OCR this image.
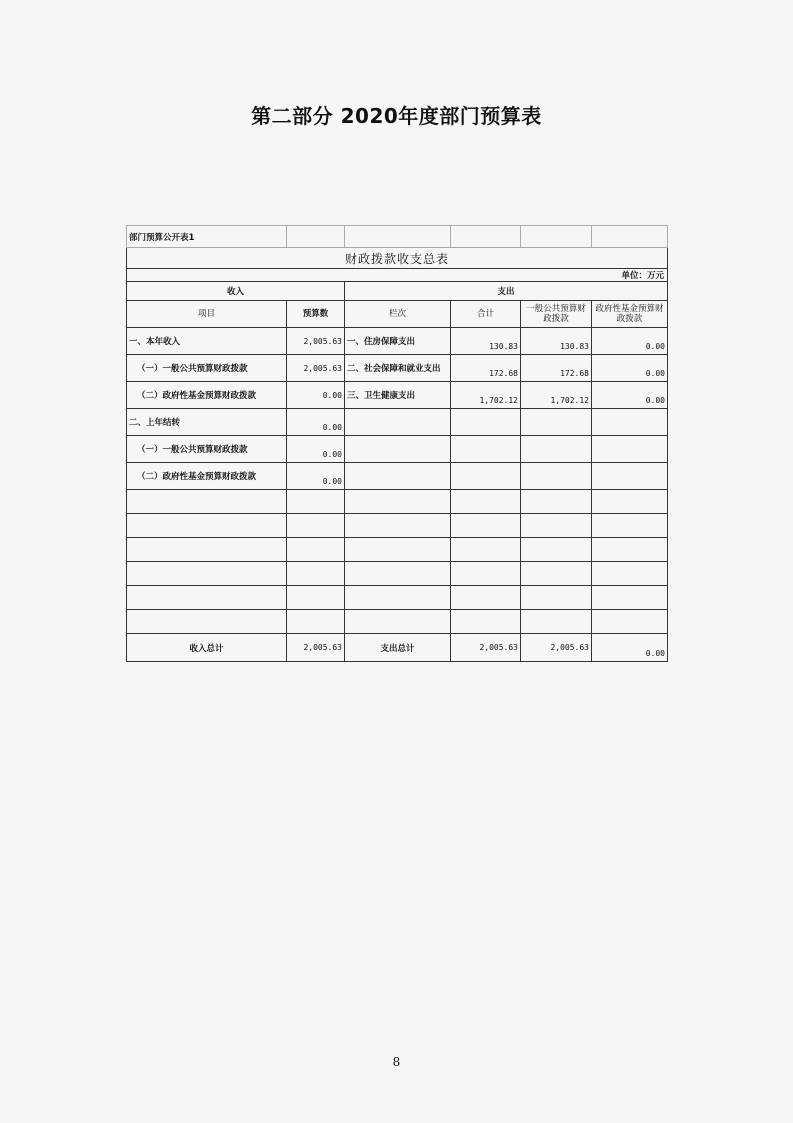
第二部分 2020年度部门预算表
部门预算公开表1					
财政拨款收支总表					
单位：万元					
收入		支出			
项目	预算数	栏次	合计	一般公共预算财政拨款	政府性基金预算财政拨款
一、本年收入	2,005.63	一、住房保障支出	130.83	130.83	0.00
（一）一般公共预算财政拨款	2,005.63	二、社会保障和就业支出	172.68	172.68	0.00
（二）政府性基金预算财政拨款	0.00	三、卫生健康支出	1,702.12	1,702.12	0.00
二、上年结转	0.00				
（一）一般公共预算财政拨款	0.00				
（二）政府性基金预算财政拨款	0.00				

收入总计	2,005.63	支出总计	2,005.63	2,005.63	0.00
8
